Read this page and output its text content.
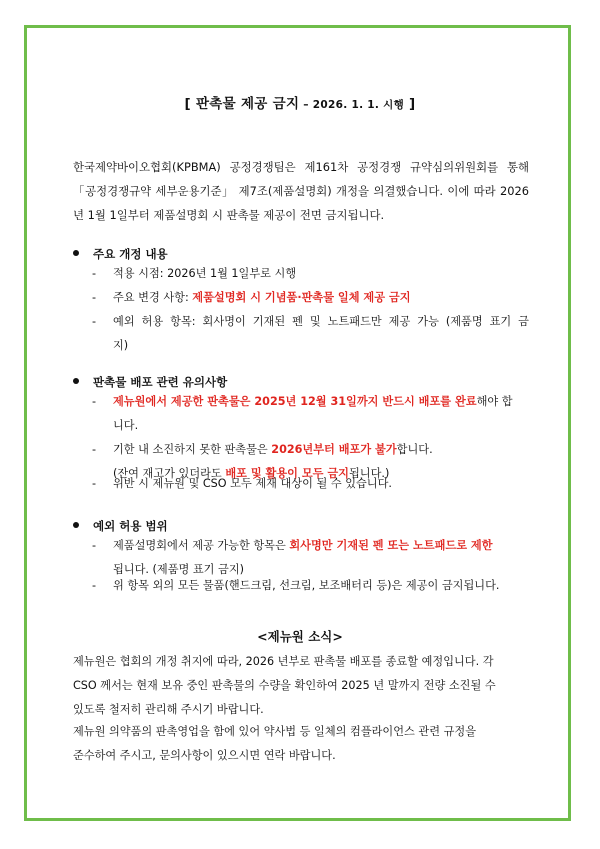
[ 판촉물 제공 금지 – 2026. 1. 1. 시행 ]
한국제약바이오협회(KPBMA) 공정경쟁팀은 제161차 공정경쟁 규약심의위원회를 통해
「공정경쟁규약 세부운용기준」 제7조(제품설명회) 개정을 의결했습니다. 이에 따라 2026
년 1월 1일부터 제품설명회 시 판촉물 제공이 전면 금지됩니다.
주요 개정 내용
- 적용 시점: 2026년 1월 1일부로 시행
- 주요 변경 사항: 제품설명회 시 기념품·판촉물 일체 제공 금지
- 예외 허용 항목: 회사명이 기재된 펜 및 노트패드만 제공 가능 (제품명 표기 금
지)
판촉물 배포 관련 유의사항
- 제뉴원에서 제공한 판촉물은 2025년 12월 31일까지 반드시 배포를 완료해야 합
니다.
- 기한 내 소진하지 못한 판촉물은 2026년부터 배포가 불가합니다.
(잔여 재고가 있더라도 배포 및 활용이 모두 금지됩니다.)
- 위반 시 제뉴원 및 CSO 모두 제재 대상이 될 수 있습니다.
예외 허용 범위
- 제품설명회에서 제공 가능한 항목은 회사명만 기재된 펜 또는 노트패드로 제한
됩니다. (제품명 표기 금지)
- 위 항목 외의 모든 물품(핸드크림, 선크림, 보조배터리 등)은 제공이 금지됩니다.
<제뉴원 소식>
제뉴원은 협회의 개정 취지에 따라, 2026 년부로 판촉물 배포를 종료할 예정입니다. 각
CSO 께서는 현재 보유 중인 판촉물의 수량을 확인하여 2025 년 말까지 전량 소진될 수
있도록 철저히 관리해 주시기 바랍니다.
제뉴원 의약품의 판촉영업을 함에 있어 약사법 등 일체의 컴플라이언스 관련 규정을
준수하여 주시고, 문의사항이 있으시면 연락 바랍니다.
